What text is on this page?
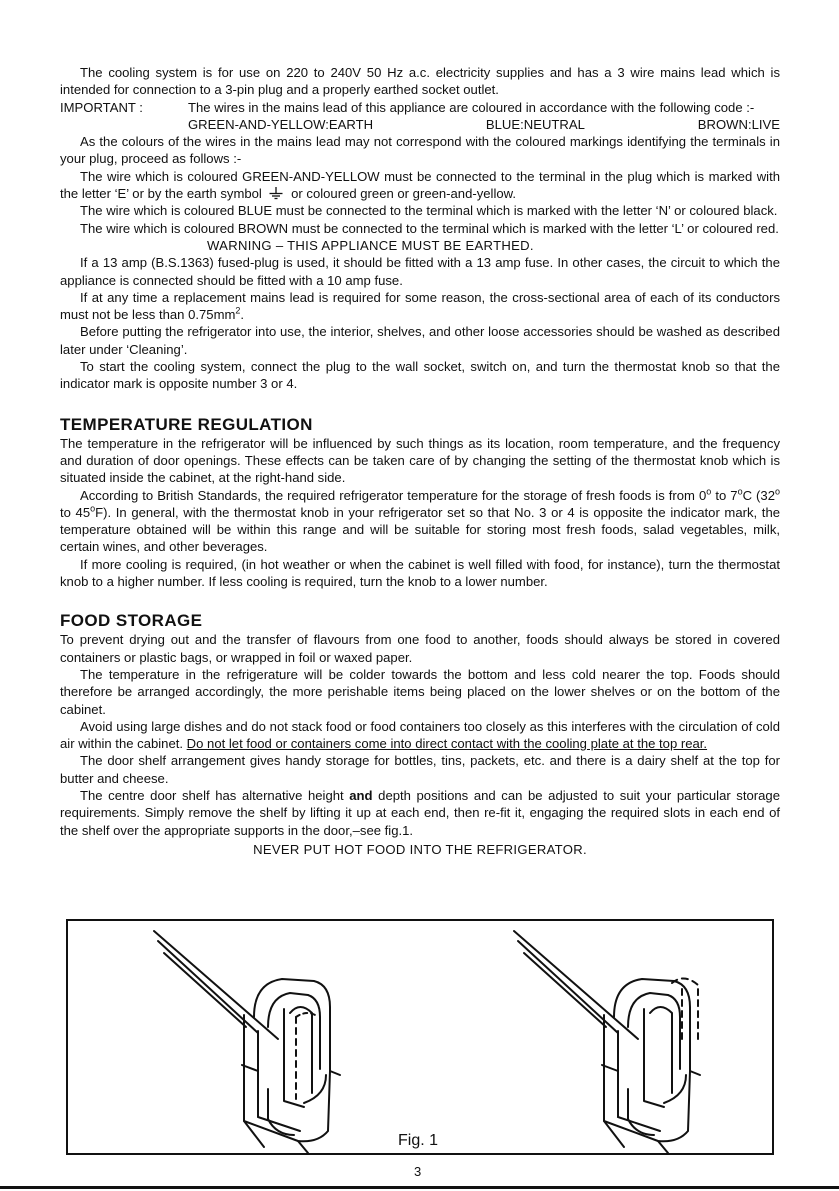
The cooling system is for use on 220 to 240V 50 Hz a.c. electricity supplies and has a 3 wire mains lead which is intended for connection to a 3-pin plug and a properly earthed socket outlet.

IMPORTANT :	The wires in the mains lead of this appliance are coloured in accordance with the following code :-
GREEN-AND-YELLOW:EARTH	BLUE:NEUTRAL	BROWN:LIVE

As the colours of the wires in the mains lead may not correspond with the coloured markings identifying the terminals in your plug, proceed as follows :-

The wire which is coloured GREEN-AND-YELLOW must be connected to the terminal in the plug which is marked with the letter ‘E’ or by the earth symbol or coloured green or green-and-yellow.

The wire which is coloured BLUE must be connected to the terminal which is marked with the letter ‘N’ or coloured black.

The wire which is coloured BROWN must be connected to the terminal which is marked with the letter ‘L’ or coloured red.

WARNING – THIS APPLIANCE MUST BE EARTHED.

If a 13 amp (B.S.1363) fused-plug is used, it should be fitted with a 13 amp fuse. In other cases, the circuit to which the appliance is connected should be fitted with a 10 amp fuse.

If at any time a replacement mains lead is required for some reason, the cross-sectional area of each of its conductors must not be less than $0.75mm^2$.

Before putting the refrigerator into use, the interior, shelves, and other loose accessories should be washed as described later under ‘Cleaning’.

To start the cooling system, connect the plug to the wall socket, switch on, and turn the thermostat knob so that the indicator mark is opposite number 3 or 4.

TEMPERATURE REGULATION

The temperature in the refrigerator will be influenced by such things as its location, room temperature, and the frequency and duration of door openings. These effects can be taken care of by changing the setting of the thermostat knob which is situated inside the cabinet, at the right-hand side.

According to British Standards, the required refrigerator temperature for the storage of fresh foods is from 0$^o$ to 7$^o$C (32$^o$ to 45$^o$F). In general, with the thermostat knob in your refrigerator set so that No. 3 or 4 is opposite the indicator mark, the temperature obtained will be within this range and will be suitable for storing most fresh foods, salad vegetables, milk, certain wines, and other beverages.

If more cooling is required, (in hot weather or when the cabinet is well filled with food, for instance), turn the thermostat knob to a higher number. If less cooling is required, turn the knob to a lower number.

FOOD STORAGE

To prevent drying out and the transfer of flavours from one food to another, foods should always be stored in covered containers or plastic bags, or wrapped in foil or waxed paper.

The temperature in the refrigerature will be colder towards the bottom and less cold nearer the top. Foods should therefore be arranged accordingly, the more perishable items being placed on the lower shelves or on the bottom of the cabinet.

Avoid using large dishes and do not stack food or food containers too closely as this interferes with the circulation of cold air within the cabinet. Do not let food or containers come into direct contact with the cooling plate at the top rear.

The door shelf arrangement gives handy storage for bottles, tins, packets, etc. and there is a dairy shelf at the top for butter and cheese.

The centre door shelf has alternative height and depth positions and can be adjusted to suit your particular storage requirements. Simply remove the shelf by lifting it up at each end, then re-fit it, engaging the required slots in each end of the shelf over the appropriate supports in the door,–see fig.1.

NEVER PUT HOT FOOD INTO THE REFRIGERATOR.

Fig. 1
3
